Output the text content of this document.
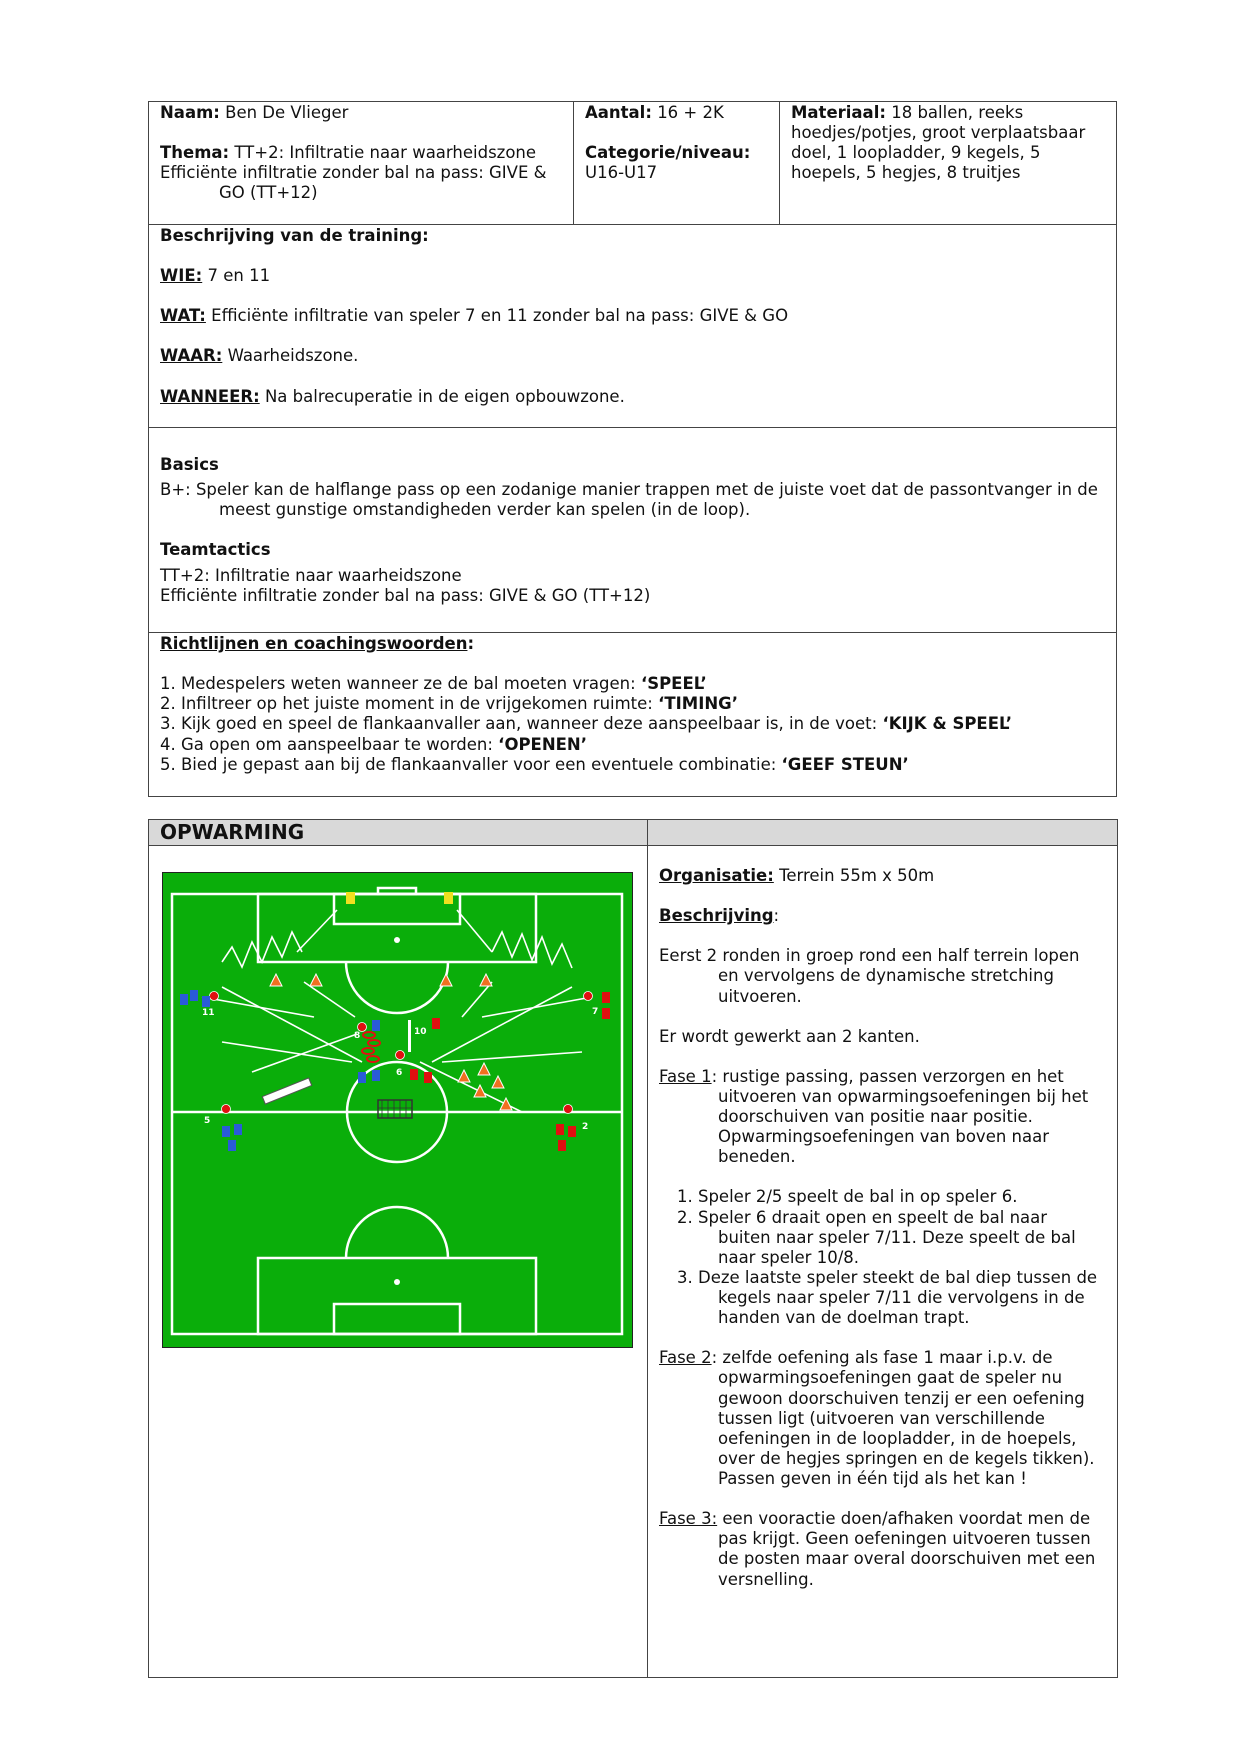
Naam: Ben De Vlieger

Thema: TT+2: Infiltratie naar waarheidszone

Efficiënte infiltratie zonder bal na pass: GIVE &

GO (TT+12)

Aantal: 16 + 2K

Categorie/niveau:

U16-U17

Materiaal: 18 ballen, reeks

hoedjes/potjes, groot verplaatsbaar

doel, 1 loopladder, 9 kegels, 5

hoepels, 5 hegjes, 8 truitjes

Beschrijving van de training:

WIE: 7 en 11

WAT: Efficiënte infiltratie van speler 7 en 11 zonder bal na pass: GIVE & GO

WAAR: Waarheidszone.

WANNEER: Na balrecuperatie in de eigen opbouwzone.

Basics

B+: Speler kan de halflange pass op een zodanige manier trappen met de juiste voet dat de passontvanger in de

meest gunstige omstandigheden verder kan spelen (in de loop).

Teamtactics

TT+2: Infiltratie naar waarheidszone

Efficiënte infiltratie zonder bal na pass: GIVE & GO (TT+12)

Richtlijnen en coachingswoorden:

1. Medespelers weten wanneer ze de bal moeten vragen: ‘SPEEL’

2. Infiltreer op het juiste moment in de vrijgekomen ruimte: ‘TIMING’

3. Kijk goed en speel de flankaanvaller aan, wanneer deze aanspeelbaar is, in de voet: ‘KIJK & SPEEL’

4. Ga open om aanspeelbaar te worden: ‘OPENEN’

5. Bied je gepast aan bij de flankaanvaller voor een eventuele combinatie: ‘GEEF STEUN’

OPWARMING
11
8	10
6
7
5
2

Organisatie: Terrein 55m x 50m

Beschrijving:

Eerst 2 ronden in groep rond een half terrein lopen

en vervolgens de dynamische stretching

uitvoeren.

Er wordt gewerkt aan 2 kanten.

Fase 1: rustige passing, passen verzorgen en het

uitvoeren van opwarmingsoefeningen bij het

doorschuiven van positie naar positie.

Opwarmingsoefeningen van boven naar

beneden.

1. Speler 2/5 speelt de bal in op speler 6.

2. Speler 6 draait open en speelt de bal naar

buiten naar speler 7/11. Deze speelt de bal

naar speler 10/8.

3. Deze laatste speler steekt de bal diep tussen de

kegels naar speler 7/11 die vervolgens in de

handen van de doelman trapt.

Fase 2: zelfde oefening als fase 1 maar i.p.v. de

opwarmingsoefeningen gaat de speler nu

gewoon doorschuiven tenzij er een oefening

tussen ligt (uitvoeren van verschillende

oefeningen in de loopladder, in de hoepels,

over de hegjes springen en de kegels tikken).

Passen geven in één tijd als het kan !

Fase 3: een vooractie doen/afhaken voordat men de

pas krijgt. Geen oefeningen uitvoeren tussen

de posten maar overal doorschuiven met een

versnelling.
